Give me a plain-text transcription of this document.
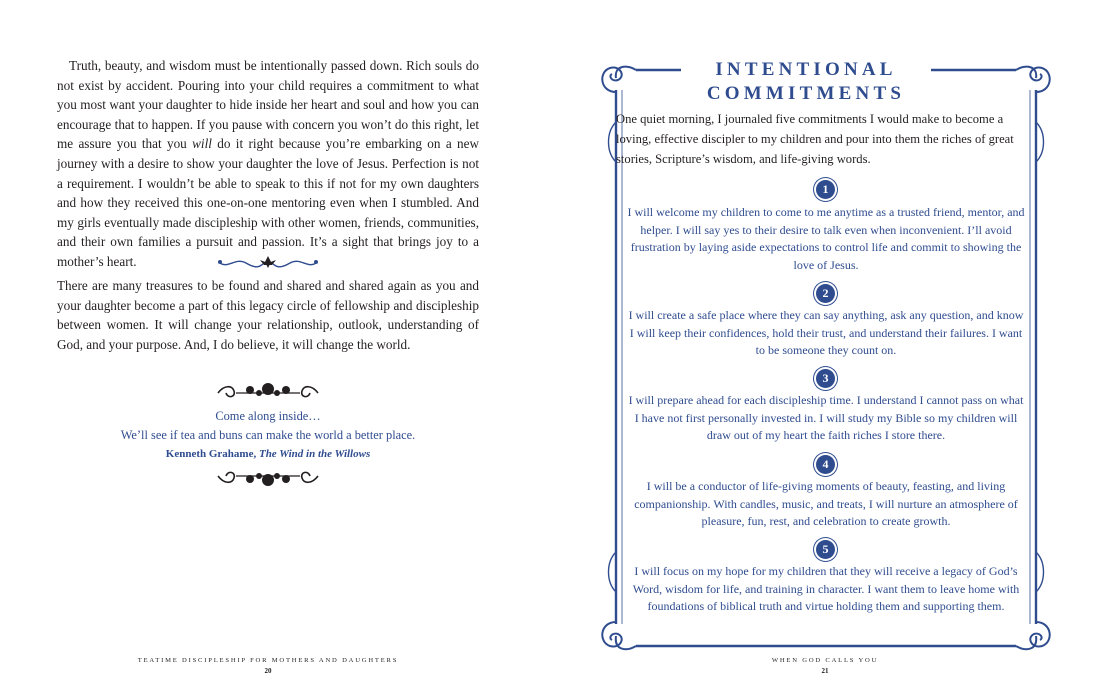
Truth, beauty, and wisdom must be intentionally passed down. Rich souls do not exist by accident. Pouring into your child requires a commitment to what you most want your daughter to hide inside her heart and soul and how you can encourage that to happen. If you pause with concern you won’t do this right, let me assure you that you will do it right because you’re embarking on a new journey with a desire to show your daughter the love of Jesus. Perfection is not a requirement. I wouldn’t be able to speak to this if not for my own daughters and how they received this one-on-one mentoring even when I stumbled. And my girls eventually made discipleship with other women, friends, communities, and their own families a pursuit and passion. It’s a sight that brings joy to a mother’s heart.

There are many treasures to be found and shared and shared again as you and your daughter become a part of this legacy circle of fellowship and discipleship between women. It will change your relationship, outlook, understanding of God, and your purpose. And, I do believe, it will change the world.

Come along inside…
We’ll see if tea and buns can make the world a better place.
Kenneth Grahame, The Wind in the Willows
TEATIME DISCIPLESHIP FOR MOTHERS AND DAUGHTERS
20
INTENTIONAL
COMMITMENTS
One quiet morning, I journaled five commitments I would make to become a loving, effective discipler to my children and pour into them the riches of great stories, Scripture’s wisdom, and life-giving words.
1
I will welcome my children to come to me anytime as a trusted friend, mentor, and helper. I will say yes to their desire to talk even when inconvenient. I’ll avoid frustration by laying aside expectations to control life and commit to showing the love of Jesus.
2
I will create a safe place where they can say anything, ask any question, and know I will keep their confidences, hold their trust, and understand their failures. I want to be someone they count on.
3
I will prepare ahead for each discipleship time. I understand I cannot pass on what I have not first personally invested in. I will study my Bible so my children will draw out of my heart the faith riches I store there.
4
I will be a conductor of life-giving moments of beauty, feasting, and living companionship. With candles, music, and treats, I will nurture an atmosphere of pleasure, fun, rest, and celebration to create growth.
5
I will focus on my hope for my children that they will receive a legacy of God’s Word, wisdom for life, and training in character. I want them to leave home with foundations of biblical truth and virtue holding them and supporting them.
WHEN GOD CALLS YOU
21
